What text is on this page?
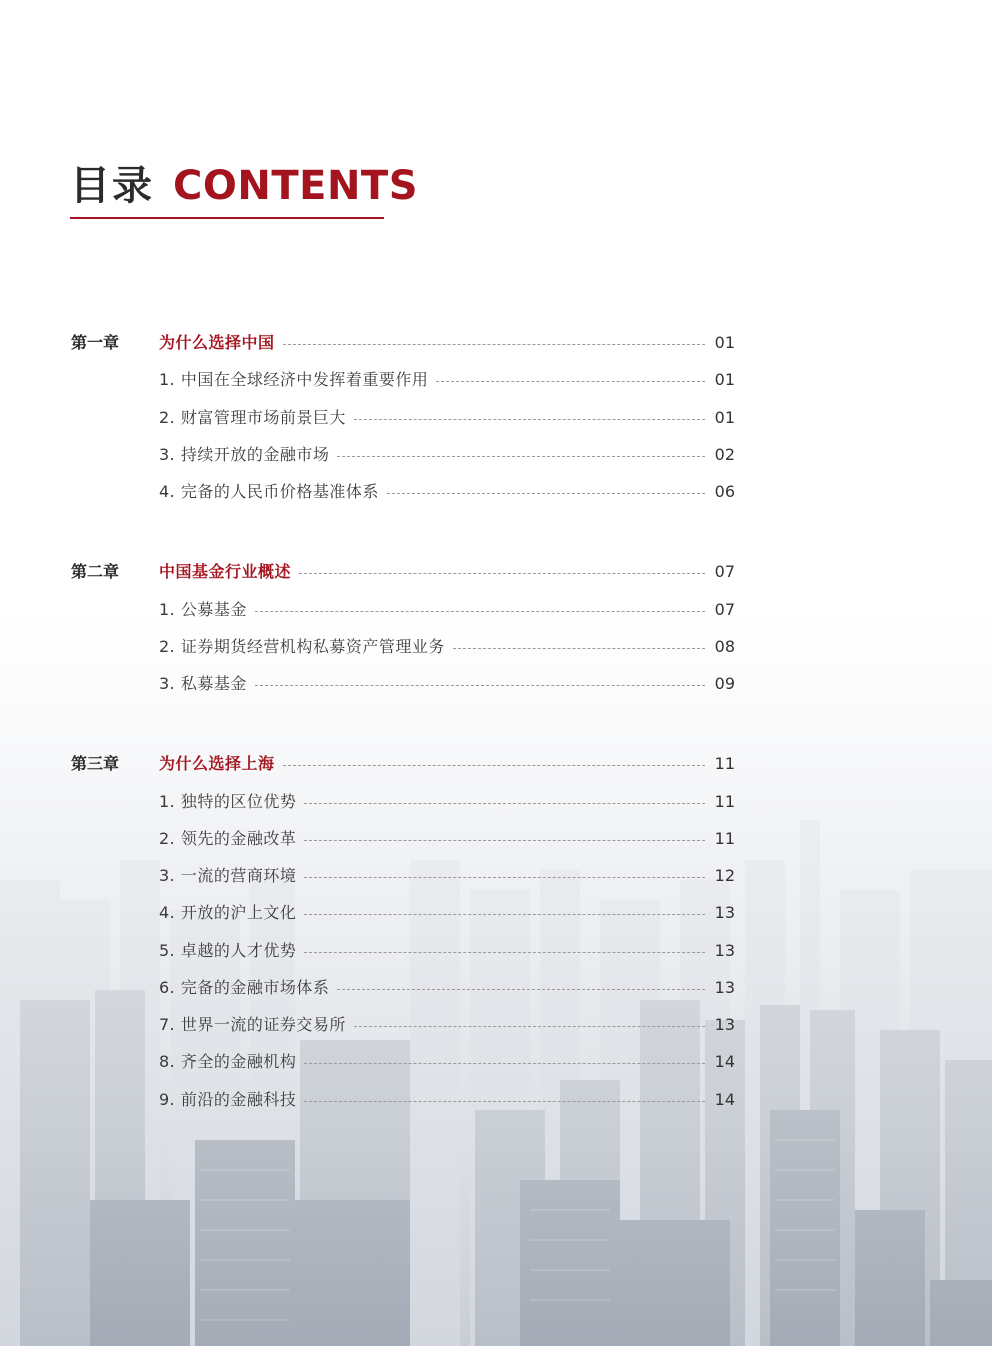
目录 CONTENTS
第一章 为什么选择中国	01
1. 中国在全球经济中发挥着重要作用	01
2. 财富管理市场前景巨大	01
3. 持续开放的金融市场	02
4. 完备的人民币价格基准体系	06
第二章 中国基金行业概述	07
1. 公募基金	07
2. 证券期货经营机构私募资产管理业务	08
3. 私募基金	09
第三章 为什么选择上海	11
1. 独特的区位优势	11
2. 领先的金融改革	11
3. 一流的营商环境	12
4. 开放的沪上文化	13
5. 卓越的人才优势	13
6. 完备的金融市场体系	13
7. 世界一流的证券交易所	13
8. 齐全的金融机构	14
9. 前沿的金融科技	14
